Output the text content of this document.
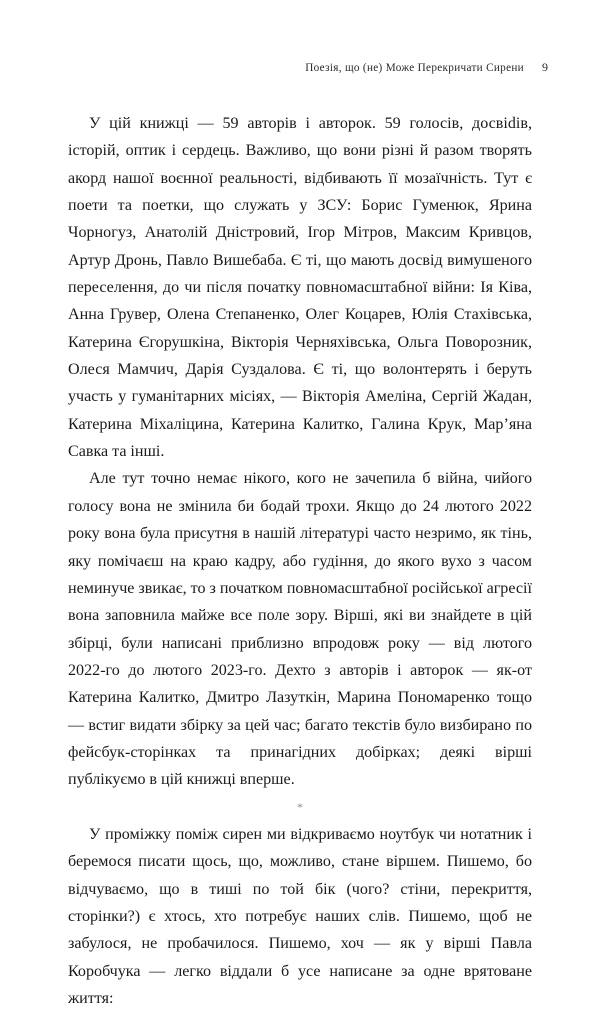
Поезія, що (не) Може Перекричати Сирени 9

У цій книжці — 59 авторів і авторок. 59 голосів, досвіdів, історій, оптик і сердець. Важливо, що вони різні й разом творять акорд нашої воєнної реальності, відбивають її мозаїчність. Тут є поети та поетки, що служать у ЗСУ: Борис Гуменюк, Ярина Чорногуз, Анатолій Дністровий, Ігор Мітров, Максим Кривцов, Артур Дронь, Павло Вишебаба. Є ті, що мають досвід вимушеного переселення, до чи після початку повномасштабної війни: Ія Ківа, Анна Грувер, Олена Степаненко, Олег Коцарев, Юлія Стахівська, Катерина Єгорушкіна, Вікторія Черняхівська, Ольга Поворозник, Олеся Мамчич, Дарія Суздалова. Є ті, що волонтерять і беруть участь у гуманітарних місіях, — Вікторія Амеліна, Сергій Жадан, Катерина Міхаліцина, Катерина Калитко, Галина Крук, Мар’яна Савка та інші.

Але тут точно немає нікого, кого не зачепила б війна, чийого голосу вона не змінила би бодай трохи. Якщо до 24 лютого 2022 року вона була присутня в нашій літературі часто незримо, як тінь, яку помічаєш на краю кадру, або гудіння, до якого вухо з часом неминуче звикає, то з початком повномасштабної російської агресії вона заповнила майже все поле зору. Вірші, які ви знайдете в цій збірці, були написані приблизно впродовж року — від лютого 2022-го до лютого 2023-го. Дехто з авторів і авторок — як-от Катерина Калитко, Дмитро Лазуткін, Марина Пономаренко тощо — встиг видати збірку за цей час; багато текстів було визбирано по фейсбук-сторінках та принагідних добірках; деякі вірші публікуємо в цій книжці вперше.

*

У проміжку поміж сирен ми відкриваємо ноутбук чи нотатник і беремося писати щось, що, можливо, стане віршем. Пишемо, бо відчуваємо, що в тиші по той бік (чого? стіни, перекриття, сторінки?) є хтось, хто потребує наших слів. Пишемо, щоб не забулося, не пробачилося. Пишемо, хоч — як у вірші Павла Коробчука — легко віддали б усе написане за одне врятоване життя:
